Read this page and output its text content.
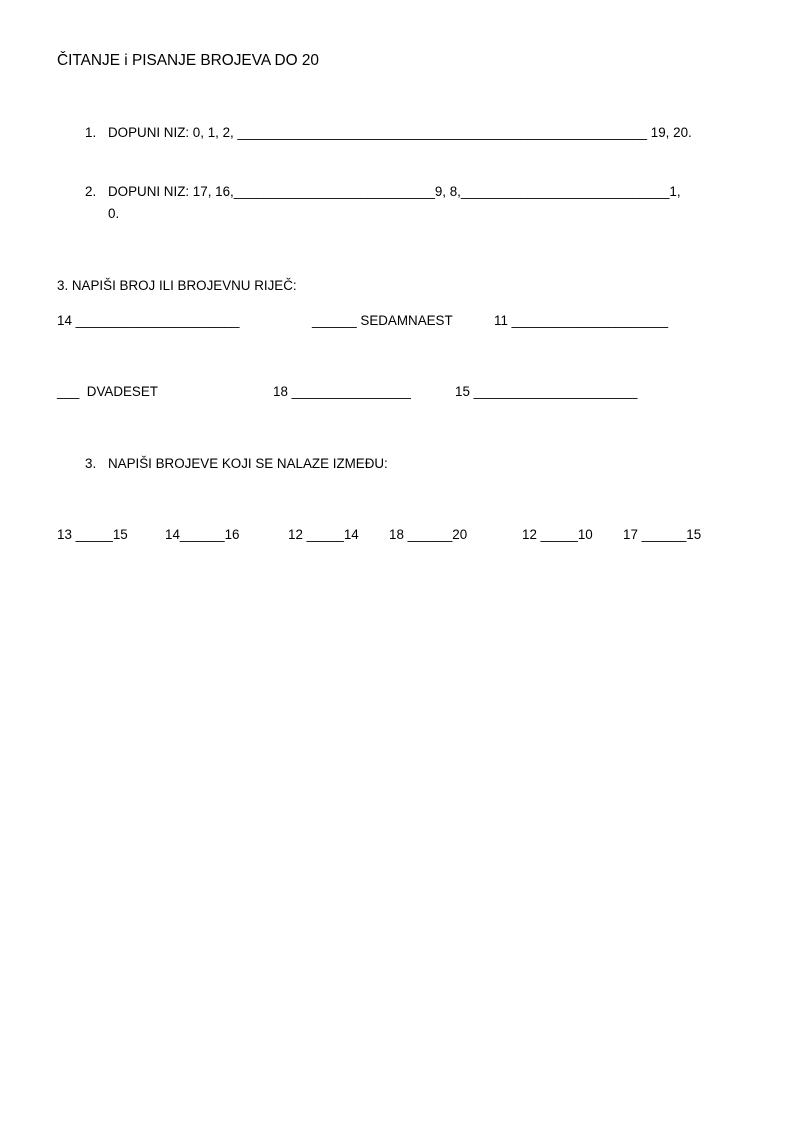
ČITANJE i PISANJE BROJEVA DO 20
1. DOPUNI NIZ: 0, 1, 2, _______________________________________________________ 19, 20.
2. DOPUNI NIZ: 17, 16,___________________________9, 8,____________________________1,
0.
3. NAPIŠI BROJ ILI BROJEVNU RIJEČ:
14 ______________________	______ SEDAMNAEST	11 _____________________
___  DVADESET	18 ________________	15 ______________________
3. NAPIŠI BROJEVE KOJI SE NALAZE IZMEĐU:
13 _____15	14______16	12 _____14 18 ______20	12 _____10 17 ______15
